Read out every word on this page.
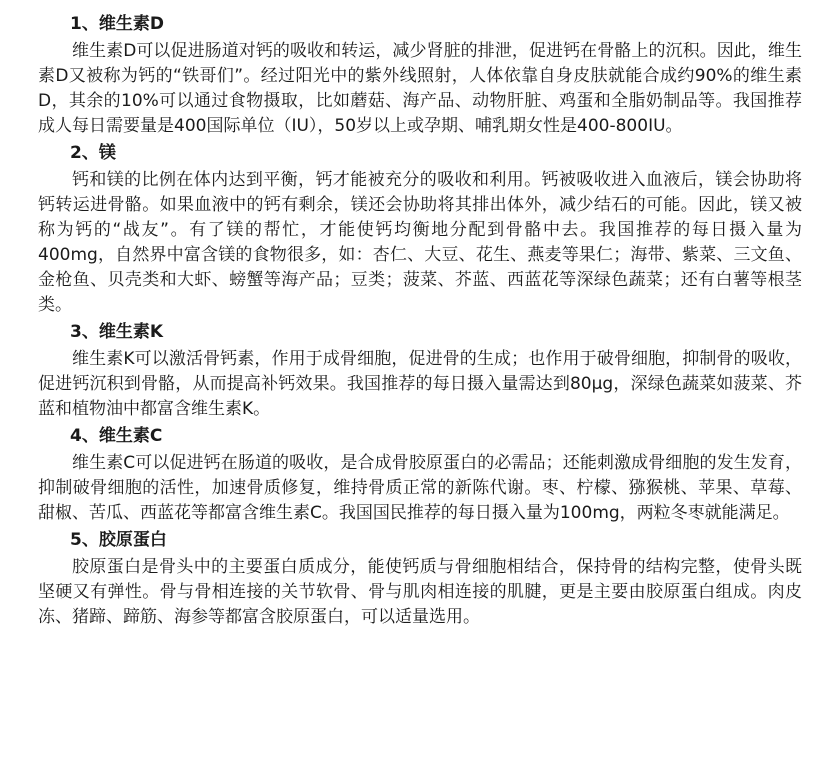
1、维生素D

维生素D可以促进肠道对钙的吸收和转运，减少肾脏的排泄，促进钙在骨骼上的沉积。因此，维生素D又被称为钙的“铁哥们”。经过阳光中的紫外线照射，人体依靠自身皮肤就能合成约90%的维生素D，其余的10%可以通过食物摄取，比如蘑菇、海产品、动物肝脏、鸡蛋和全脂奶制品等。我国推荐成人每日需要量是400国际单位（IU），50岁以上或孕期、哺乳期女性是400-800IU。

2、镁

钙和镁的比例在体内达到平衡，钙才能被充分的吸收和利用。钙被吸收进入血液后，镁会协助将钙转运进骨骼。如果血液中的钙有剩余，镁还会协助将其排出体外，减少结石的可能。因此，镁又被称为钙的“战友”。有了镁的帮忙，才能使钙均衡地分配到骨骼中去。我国推荐的每日摄入量为400mg，自然界中富含镁的食物很多，如：杏仁、大豆、花生、燕麦等果仁；海带、紫菜、三文鱼、金枪鱼、贝壳类和大虾、螃蟹等海产品；豆类；菠菜、芥蓝、西蓝花等深绿色蔬菜；还有白薯等根茎类。

3、维生素K

维生素K可以激活骨钙素，作用于成骨细胞，促进骨的生成；也作用于破骨细胞，抑制骨的吸收，促进钙沉积到骨骼，从而提高补钙效果。我国推荐的每日摄入量需达到80μg，深绿色蔬菜如菠菜、芥蓝和植物油中都富含维生素K。

4、维生素C

维生素C可以促进钙在肠道的吸收，是合成骨胶原蛋白的必需品；还能刺激成骨细胞的发生发育，抑制破骨细胞的活性，加速骨质修复，维持骨质正常的新陈代谢。枣、柠檬、猕猴桃、苹果、草莓、甜椒、苦瓜、西蓝花等都富含维生素C。我国国民推荐的每日摄入量为100mg，两粒冬枣就能满足。

5、胶原蛋白

胶原蛋白是骨头中的主要蛋白质成分，能使钙质与骨细胞相结合，保持骨的结构完整，使骨头既坚硬又有弹性。骨与骨相连接的关节软骨、骨与肌肉相连接的肌腱，更是主要由胶原蛋白组成。肉皮冻、猪蹄、蹄筋、海参等都富含胶原蛋白，可以适量选用。
